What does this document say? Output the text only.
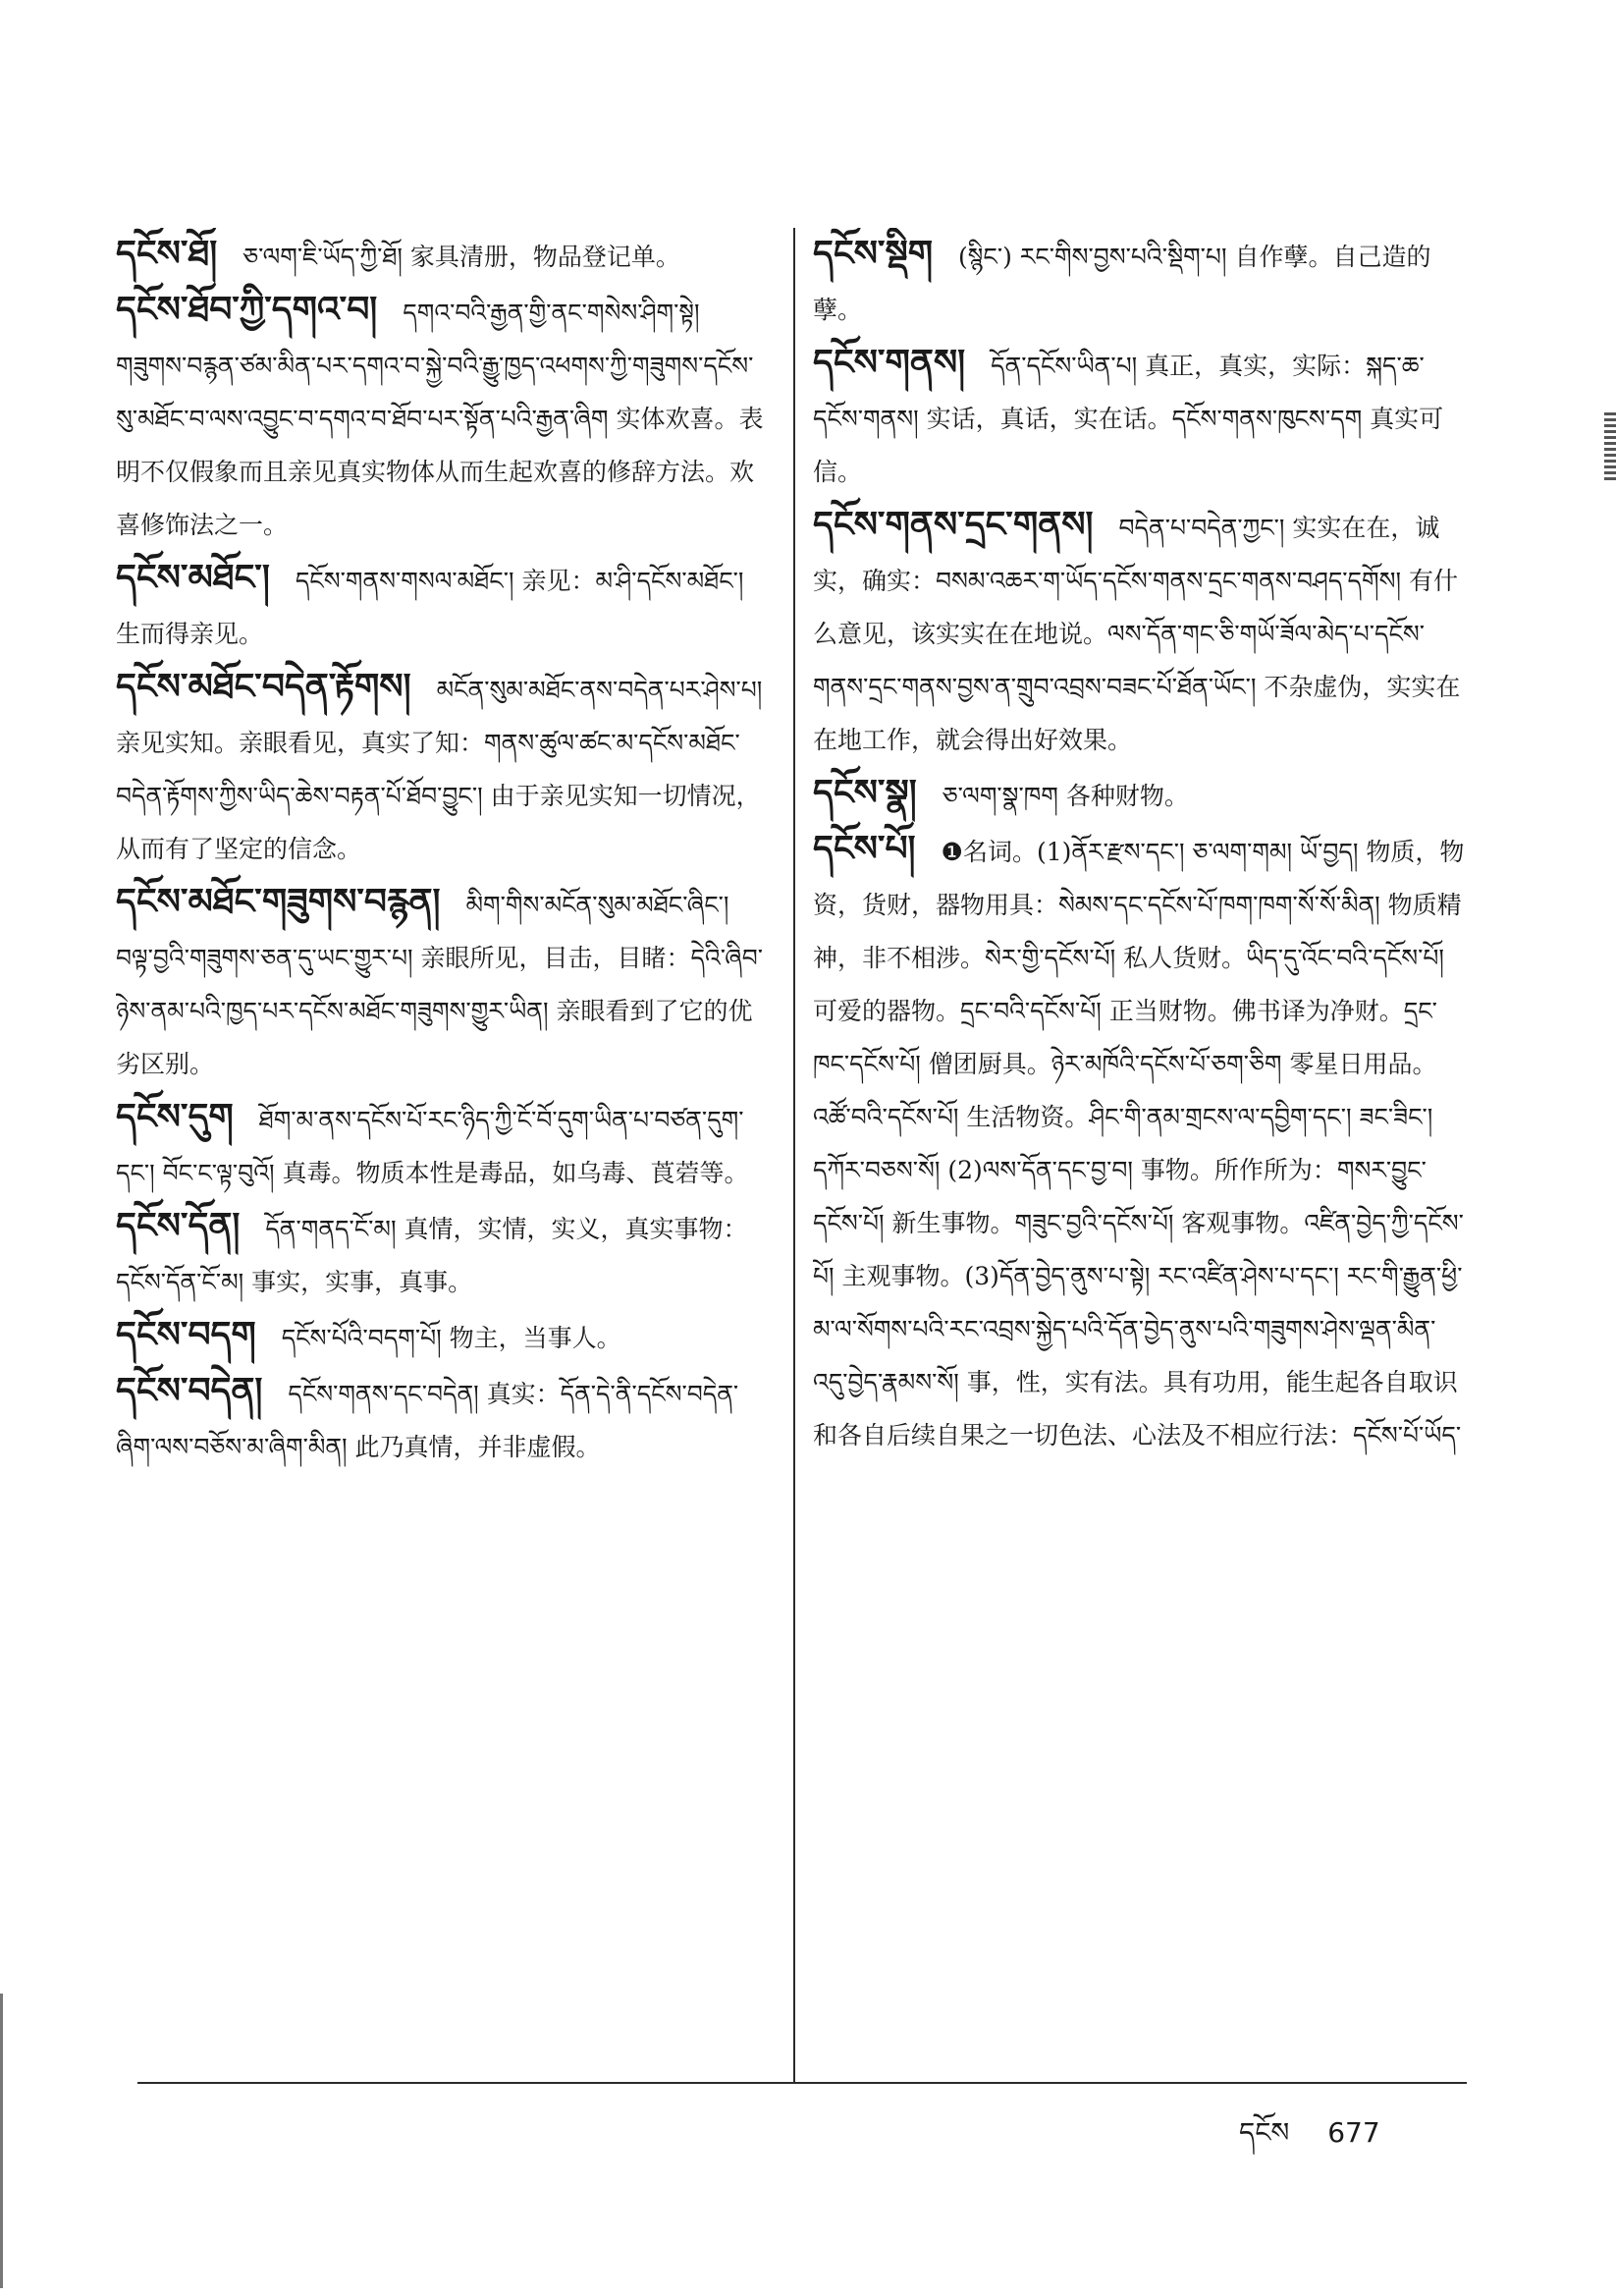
དངོས་ཐོ། ཅ་ལག་ཇི་ཡོད་ཀྱི་ཐོ། 家具清册，物品登记单。

དངོས་ཐོབ་ཀྱི་དགའ་བ། དགའ་བའི་རྒྱན་གྱི་ནང་གསེས་ཤིག་སྟེ། གཟུགས་བརྙན་ཙམ་མིན་པར་དགའ་བ་སྐྱེ་བའི་རྒྱུ་ཁྱད་འཕགས་ཀྱི་གཟུགས་དངོས་སུ་མཐོང་བ་ལས་འབྱུང་བ་དགའ་བ་ཐོབ་པར་སྟོན་པའི་རྒྱན་ཞིག 实体欢喜。表明不仅假象而且亲见真实物体从而生起欢喜的修辞方法。欢喜修饰法之一。

དངོས་མཐོང་། དངོས་གནས་གསལ་མཐོང་། 亲见：མ་ཤི་དངོས་མཐོང་། 生而得亲见。

དངོས་མཐོང་བདེན་རྟོགས། མངོན་སུམ་མཐོང་ནས་བདེན་པར་ཤེས་པ། 亲见实知。亲眼看见，真实了知：གནས་ཚུལ་ཚང་མ་དངོས་མཐོང་བདེན་རྟོགས་ཀྱིས་ཡིད་ཆེས་བརྟན་པོ་ཐོབ་བྱུང་། 由于亲见实知一切情况，从而有了坚定的信念。

དངོས་མཐོང་གཟུགས་བརྙན། མིག་གིས་མངོན་སུམ་མཐོང་ཞིང་། བལྟ་བྱའི་གཟུགས་ཅན་དུ་ཡང་གྱུར་པ། 亲眼所见，目击，目睹：དེའི་ཞིབ་ཉེས་ནམ་པའི་ཁྱད་པར་དངོས་མཐོང་གཟུགས་གྱུར་ཡིན། 亲眼看到了它的优劣区别。

དངོས་དུག ཐོག་མ་ནས་དངོས་པོ་རང་ཉིད་ཀྱི་ངོ་བོ་དུག་ཡིན་པ་བཙན་དུག་དང་། བོང་ང་ལྟ་བུའོ། 真毒。物质本性是毒品，如乌毒、莨菪等。

དངོས་དོན། དོན་གནད་ངོ་མ། 真情，实情，实义，真实事物：དངོས་དོན་ངོ་མ། 事实，实事，真事。

དངོས་བདག དངོས་པོའི་བདག་པོ། 物主，当事人。

དངོས་བདེན། དངོས་གནས་དང་བདེན། 真实：དོན་དེ་ནི་དངོས་བདེན་ཞིག་ལས་བཅོས་མ་ཞིག་མིན། 此乃真情，并非虚假。

དངོས་སྡིག (སྙིང་) རང་གིས་བྱས་པའི་སྡིག་པ། 自作孽。自己造的孽。

དངོས་གནས། དོན་དངོས་ཡིན་པ། 真正，真实，实际：སྐད་ཆ་དངོས་གནས། 实话，真话，实在话。དངོས་གནས་ཁུངས་དག 真实可信。

དངོས་གནས་དྲང་གནས། བདེན་པ་བདེན་ཀྱང་། 实实在在，诚实，确实：བསམ་འཆར་ག་ཡོད་དངོས་གནས་དྲང་གནས་བཤད་དགོས། 有什么意见，该实实在在地说。ལས་དོན་གང་ཅི་གཡོ་ཟོལ་མེད་པ་དངོས་གནས་དྲང་གནས་བྱས་ན་གྲུབ་འབྲས་བཟང་པོ་ཐོན་ཡོང་། 不杂虚伪，实实在在地工作，就会得出好效果。

དངོས་སྣ། ཅ་ལག་སྣ་ཁག 各种财物。

དངོས་པོ། ❶名词。(1)ནོར་རྫས་དང་། ཅ་ལག་གམ། ཡོ་བྱད། 物质，物资，货财，器物用具：སེམས་དང་དངོས་པོ་ཁག་ཁག་སོ་སོ་མིན། 物质精神，非不相涉。སེར་གྱི་དངོས་པོ། 私人货财。ཡིད་དུ་འོང་བའི་དངོས་པོ། 可爱的器物。དྲང་བའི་དངོས་པོ། 正当财物。佛书译为净财。དྲང་ཁང་དངོས་པོ། 僧团厨具。ཉེར་མཁོའི་དངོས་པོ་ཅག་ཅིག 零星日用品。འཚོ་བའི་དངོས་པོ། 生活物资。ཤིང་གི་ནམ་གྲངས་ལ་དབྱིག་དང་། ཟང་ཟིང་། དཀོར་བཅས་སོ། (2)ལས་དོན་དང་བྱ་བ། 事物。所作所为：གསར་བྱུང་དངོས་པོ། 新生事物。གཟུང་བྱའི་དངོས་པོ། 客观事物。འཛིན་བྱེད་ཀྱི་དངོས་པོ། 主观事物。(3)དོན་བྱེད་ནུས་པ་སྟེ། རང་འཛིན་ཤེས་པ་དང་། རང་གི་རྒྱུན་ཕྱི་མ་ལ་སོགས་པའི་རང་འབྲས་སྐྱེད་པའི་དོན་བྱེད་ནུས་པའི་གཟུགས་ཤེས་ལྡན་མིན་འདུ་བྱེད་རྣམས་སོ། 事，性，实有法。具有功用，能生起各自取识和各自后续自果之一切色法、心法及不相应行法：དངོས་པོ་ཡོད་

དངོས 677
